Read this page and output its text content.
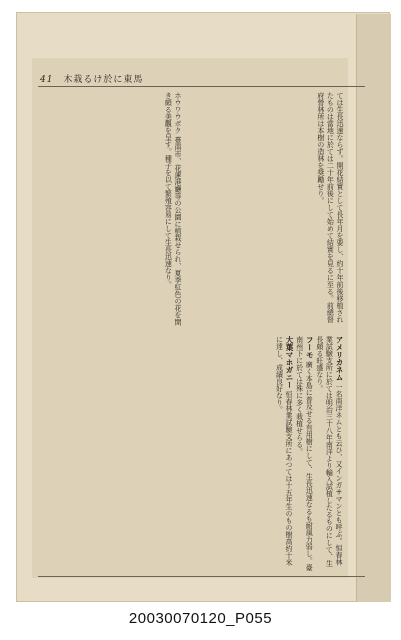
41 木栽るけ於に東馬
ては生長迅速ならず。開花結實として長年月を要し、約十年前後移植されたものは當地に於ては二十年前後にして始めて結實を見るに至る。前總督府營林所は本樹の造林を奨勵せり。
ホウワウボク 臺南市、花蓮港廳等の公園に植栽せられ、夏季紅色の花を開き頗る美觀を呈す。種子を以て繁殖容易にして生長迅速なり。
アメリカネム 一名南洋ネムとも云ひ、又インガサマンとも呼ぶ。恒春林業試驗支所に於ては明治三十八年南洋より輸入試植したるものにして、生長頗る旺盛なり。
フーモ 廣く本島に普及せる有用樹にして、生長迅速なるも耐風力弱し。臺南州下に於ては殊に多く栽植せらる。
大葉マホガニー 恒春林業試驗支所にあつては十五年生のもの樹高約十米に達し、成績良好なり。
20030070120_P055
